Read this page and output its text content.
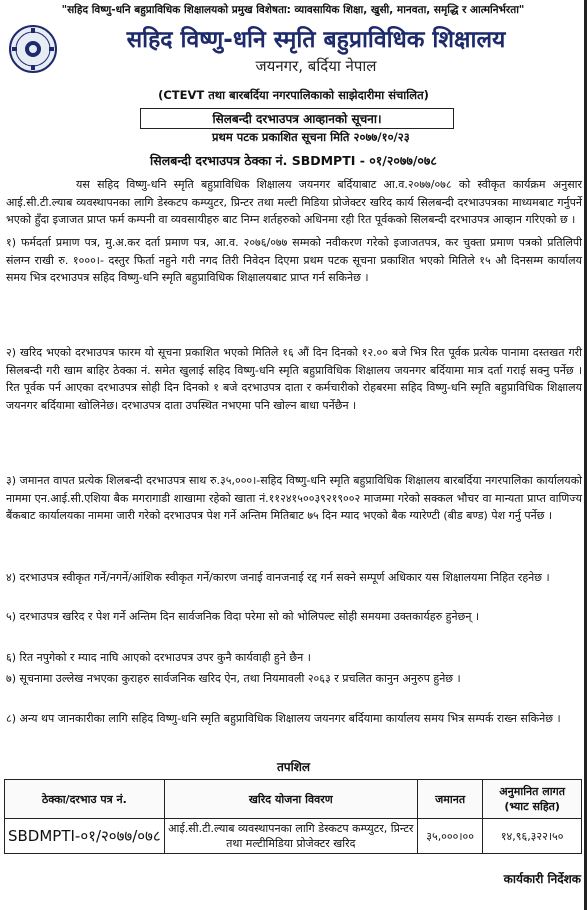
"सहिद विष्णु-धनि बहुप्राविधिक शिक्षालयको प्रमुख विशेषता: व्यावसायिक शिक्षा, खुसी, मानवता, समृद्धि र आत्मनिर्भरता"
सहिद विष्णु-धनि स्मृति बहुप्राविधिक शिक्षालय
जयनगर, बर्दिया नेपाल
(CTEVT तथा बारबर्दिया नगरपालिकाको साझेदारीमा संचालित)
सिलबन्दी दरभाउपत्र आव्हानको सूचना।
प्रथम पटक प्रकाशित सूचना मिति २०७७/१०/२३
सिलबन्दी दरभाउपत्र ठेक्का नं. SBDMPTI - ०१/२०७७/०७८
यस सहिद विष्णु-धनि स्मृति बहुप्राविधिक शिक्षालय जयनगर बर्दियाबाट आ.व.२०७७/०७८ को स्वीकृत कार्यक्रम अनुसार आई.सी.टी.ल्याब व्यवस्थापनका लागि डेस्कटप कम्प्युटर, प्रिन्टर तथा मल्टी मिडिया प्रोजेक्टर खरिद कार्य सिलबन्दी दरभाउपत्रका माध्यमबाट गर्नुपर्ने भएको हुँदा इजाजत प्राप्त फर्म कम्पनी वा व्यवसायीहरु बाट निम्न शर्तहरुको अधिनमा रही रित पूर्वकको सिलबन्दी दरभाउपत्र आव्हान गरिएको छ ।
१) फर्मदर्ता प्रमाण पत्र, मु.अ.कर दर्ता प्रमाण पत्र, आ.व. २०७६/०७७ सम्मको नवीकरण गरेको इजाजतपत्र, कर चुक्ता प्रमाण पत्रको प्रतिलिपी संलग्न राखी रु. १०००।- दस्तुर फिर्ता नहुने गरी नगद तिरी निवेदन दिएमा प्रथम पटक सूचना प्रकाशित भएको मितिले १५ औ दिनसम्म कार्यालय समय भित्र दरभाउपत्र सहिद विष्णु-धनि स्मृति बहुप्राविधिक शिक्षालयबाट प्राप्त गर्न सकिनेछ ।
२) खरिद भएको दरभाउपत्र फारम यो सूचना प्रकाशित भएको मितिले १६ औं दिन दिनको १२.०० बजे भित्र रित पूर्वक प्रत्येक पानामा दस्तखत गरी सिलबन्दी गरी खाम बाहिर ठेक्का नं. समेत खुलाई सहिद विष्णु-धनि स्मृति बहुप्राविधिक शिक्षालय जयनगर बर्दियामा मात्र दर्ता गराई सक्नु पर्नेछ । रित पूर्वक पर्न आएका दरभाउपत्र सोही दिन दिनको १ बजे दरभाउपत्र दाता र कर्मचारीको रोहबरमा सहिद विष्णु-धनि स्मृति बहुप्राविधिक शिक्षालय जयनगर बर्दियामा खोलिनेछ। दरभाउपत्र दाता उपस्थित नभएमा पनि खोल्न बाधा पर्नेछैन ।
३) जमानत वापत प्रत्येक शिलबन्दी दरभाउपत्र साथ रु.३५,०००।-सहिद विष्णु-धनि स्मृति बहुप्राविधिक शिक्षालय बारबर्दिया नगरपालिका कार्यालयको नाममा एन.आई.सी.एशिया बैक मगरागाडी शाखामा रहेको खाता नं.११२४१५००३९२१९००२ माजम्मा गरेको सक्कल भौचर वा मान्यता प्राप्त वाणिज्य बैंकबाट कार्यालयका नाममा जारी गरेको दरभाउपत्र पेश गर्ने अन्तिम मितिबाट ७५ दिन म्याद भएको बैक ग्यारेण्टी (बीड बण्ड) पेश गर्नु पर्नेछ ।
४) दरभाउपत्र स्वीकृत गर्ने/नगर्ने/आंशिक स्वीकृत गर्ने/कारण जनाई वानजनाई रद्द गर्न सक्ने सम्पूर्ण अधिकार यस शिक्षालयमा निहित रहनेछ ।
५) दरभाउपत्र खरिद र पेश गर्ने अन्तिम दिन सार्वजनिक विदा परेमा सो को भोलिपल्ट सोही समयमा उक्तकार्यहरु हुनेछन् ।
६) रित नपुगेको र म्याद नाघि आएको दरभाउपत्र उपर कुनै कार्यवाही हुने छैन ।
७) सूचनामा उल्लेख नभएका कुराहरु सार्वजनिक खरिद ऐन, तथा नियमावली २०६३ र प्रचलित कानुन अनुरुप हुनेछ ।
८) अन्य थप जानकारीका लागि सहिद विष्णु-धनि स्मृति बहुप्राविधिक शिक्षालय जयनगर बर्दियामा कार्यालय समय भित्र सम्पर्क राख्न सकिनेछ ।
तपशिल
ठेक्का/दरभाउ पत्र नं.	खरिद योजना विवरण	जमानत	अनुमानित लागत (भ्याट सहित)
SBDMPTI-०१/२०७७/०७८	आई.सी.टी.ल्याब व्यवस्थापनका लागि डेस्कटप कम्प्युटर, प्रिन्टर तथा मल्टीमिडिया प्रोजेक्टर खरिद	३५,०००।००	१४,९६,३२२।५०
कार्यकारी निर्देशक
